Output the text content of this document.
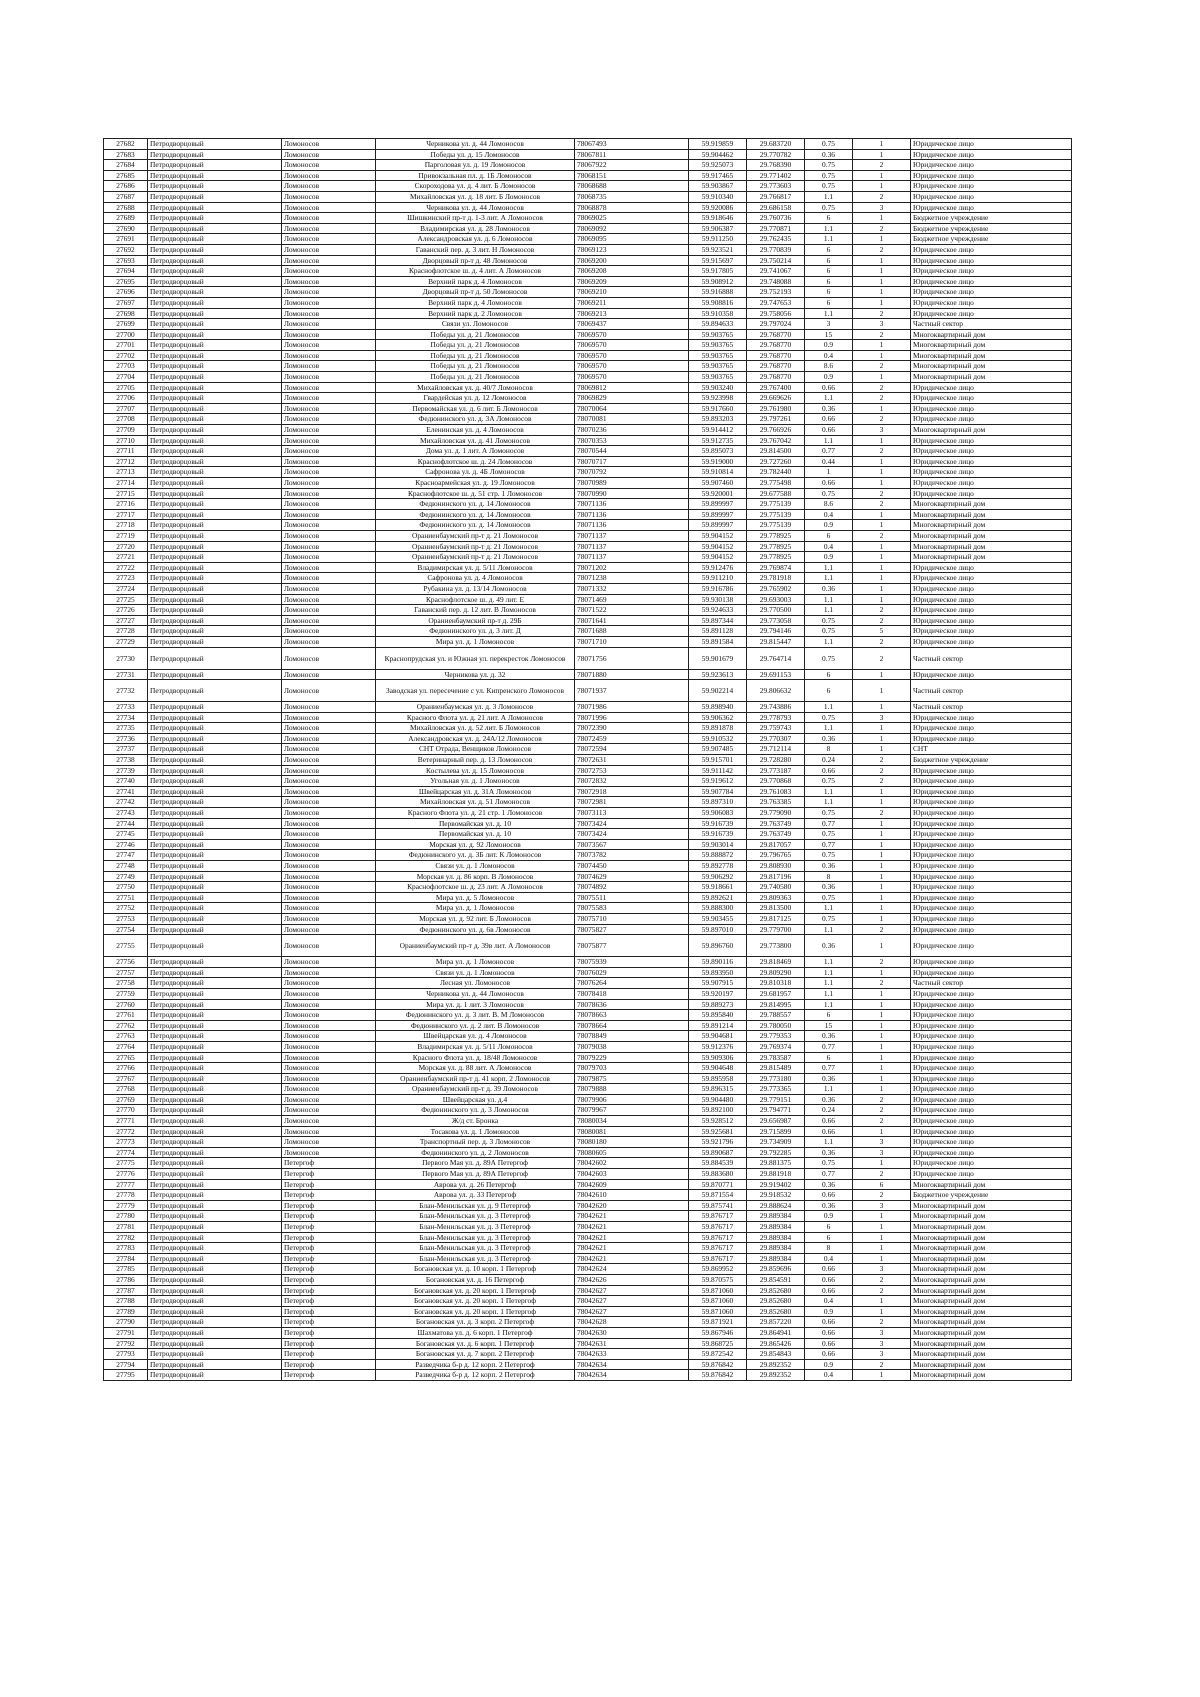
27682	Петродворцовый	Ломоносов	Черникова ул. д. 44 Ломоносов	78067493	59.919859	29.683720	0.75	1	Юридическое лицо
27683	Петродворцовый	Ломоносов	Победы ул. д. 15 Ломоносов	78067811	59.904462	29.770782	0.36	1	Юридическое лицо
27684	Петродворцовый	Ломоносов	Парголовая ул. д. 19 Ломоносов	78067922	59.925073	29.768390	0.75	2	Юридическое лицо
27685	Петродворцовый	Ломоносов	Привокзальная пл. д. 1Б Ломоносов	78068151	59.917465	29.771402	0.75	1	Юридическое лицо
27686	Петродворцовый	Ломоносов	Скороходова ул. д. 4 лит. Б Ломоносов	78068688	59.903867	29.773603	0.75	1	Юридическое лицо
27687	Петродворцовый	Ломоносов	Михайловская ул. д. 18 лит. Б Ломоносов	78068735	59.910340	29.766817	1.1	2	Юридическое лицо
27688	Петродворцовый	Ломоносов	Черникова ул. д. 44 Ломоносов	78068878	59.920086	29.686158	0.75	3	Юридическое лицо
27689	Петродворцовый	Ломоносов	Шишкинский пр-т д. 1-3 лит. А Ломоносов	78069025	59.918646	29.760736	6	1	Бюджетное учреждение
27690	Петродворцовый	Ломоносов	Владимирская ул. д. 28 Ломоносов	78069092	59.906387	29.770871	1.1	2	Бюджетное учреждение
27691	Петродворцовый	Ломоносов	Александровская ул. д. 6 Ломоносов	78069095	59.911250	29.762435	1.1	1	Бюджетное учреждение
27692	Петродворцовый	Ломоносов	Гаванский пер. д. 3 лит. Н Ломоносов	78069123	59.923521	29.770839	6	2	Юридическое лицо
27693	Петродворцовый	Ломоносов	Дворцовый пр-т д. 48 Ломоносов	78069200	59.915697	29.750214	6	1	Юридическое лицо
27694	Петродворцовый	Ломоносов	Краснофлотское ш. д. 4 лит. А Ломоносов	78069208	59.917805	29.741067	6	1	Юридическое лицо
27695	Петродворцовый	Ломоносов	Верхний парк д. 4 Ломоносов	78069209	59.908912	29.748088	6	1	Юридическое лицо
27696	Петродворцовый	Ломоносов	Дворцовый пр-т д. 50 Ломоносов	78069210	59.916888	29.752193	6	1	Юридическое лицо
27697	Петродворцовый	Ломоносов	Верхний парк д. 4 Ломоносов	78069211	59.908816	29.747653	6	1	Юридическое лицо
27698	Петродворцовый	Ломоносов	Верхний парк д. 2 Ломоносов	78069213	59.910358	29.758056	1.1	2	Юридическое лицо
27699	Петродворцовый	Ломоносов	Связи ул. Ломоносов	78069437	59.894633	29.797024	3	3	Частный сектор
27700	Петродворцовый	Ломоносов	Победы ул. д. 21 Ломоносов	78069570	59.903765	29.768770	15	2	Многоквартирный дом
27701	Петродворцовый	Ломоносов	Победы ул. д. 21 Ломоносов	78069570	59.903765	29.768770	0.9	1	Многоквартирный дом
27702	Петродворцовый	Ломоносов	Победы ул. д. 21 Ломоносов	78069570	59.903765	29.768770	0.4	1	Многоквартирный дом
27703	Петродворцовый	Ломоносов	Победы ул. д. 21 Ломоносов	78069570	59.903765	29.768770	8.6	2	Многоквартирный дом
27704	Петродворцовый	Ломоносов	Победы ул. д. 21 Ломоносов	78069570	59.903765	29.768770	0.9	1	Многоквартирный дом
27705	Петродворцовый	Ломоносов	Михайловская ул. д. 40/7 Ломоносов	78069812	59.903240	29.767400	0.66	2	Юридическое лицо
27706	Петродворцовый	Ломоносов	Гвардейская ул. д. 12 Ломоносов	78069829	59.923998	29.669626	1.1	2	Юридическое лицо
27707	Петродворцовый	Ломоносов	Первомайская ул. д. 6 лит. Б Ломоносов	78070064	59.917660	29.761980	0.36	1	Юридическое лицо
27708	Петродворцовый	Ломоносов	Федюнинского ул. д. 3А Ломоносов	78070081	59.893203	29.797261	0.66	2	Юридическое лицо
27709	Петродворцовый	Ломоносов	Еленинская ул. д. 4 Ломоносов	78070236	59.914412	29.766926	0.66	3	Многоквартирный дом
27710	Петродворцовый	Ломоносов	Михайловская ул. д. 41 Ломоносов	78070353	59.912735	29.767042	1.1	1	Юридическое лицо
27711	Петродворцовый	Ломоносов	Дома ул. д. 1 лит. А Ломоносов	78070544	59.895073	29.814500	0.77	2	Юридическое лицо
27712	Петродворцовый	Ломоносов	Краснофлотское ш. д. 24 Ломоносов	78070717	59.919000	29.727260	0.44	1	Юридическое лицо
27713	Петродворцовый	Ломоносов	Сафронова ул. д. 4Б Ломоносов	78070792	59.910814	29.782440	1	1	Юридическое лицо
27714	Петродворцовый	Ломоносов	Красноармейская ул. д. 19 Ломоносов	78070989	59.907460	29.775498	0.66	1	Юридическое лицо
27715	Петродворцовый	Ломоносов	Краснофлотское ш. д. 51 стр. 1 Ломоносов	78070990	59.920001	29.677588	0.75	2	Юридическое лицо
27716	Петродворцовый	Ломоносов	Федюнинского ул. д. 14 Ломоносов	78071136	59.899997	29.775139	8.6	2	Многоквартирный дом
27717	Петродворцовый	Ломоносов	Федюнинского ул. д. 14 Ломоносов	78071136	59.899997	29.775139	0.4	1	Многоквартирный дом
27718	Петродворцовый	Ломоносов	Федюнинского ул. д. 14 Ломоносов	78071136	59.899997	29.775139	0.9	1	Многоквартирный дом
27719	Петродворцовый	Ломоносов	Ораниенбаумский пр-т д. 21 Ломоносов	78071137	59.904152	29.778925	6	2	Многоквартирный дом
27720	Петродворцовый	Ломоносов	Ораниенбаумский пр-т д. 21 Ломоносов	78071137	59.904152	29.778925	0.4	1	Многоквартирный дом
27721	Петродворцовый	Ломоносов	Ораниенбаумский пр-т д. 21 Ломоносов	78071137	59.904152	29.778925	0.9	1	Многоквартирный дом
27722	Петродворцовый	Ломоносов	Владимирская ул. д. 5/11 Ломоносов	78071202	59.912476	29.769874	1.1	1	Юридическое лицо
27723	Петродворцовый	Ломоносов	Сафронова ул. д. 4 Ломоносов	78071238	59.911210	29.781918	1.1	1	Юридическое лицо
27724	Петродворцовый	Ломоносов	Рубакина ул. д. 13/14 Ломоносов	78071332	59.916786	29.765902	0.36	1	Юридическое лицо
27725	Петродворцовый	Ломоносов	Краснофлотское ш. д. 49 лит. Е	78071469	59.930138	29.693003	1.1	1	Юридическое лицо
27726	Петродворцовый	Ломоносов	Гаванский пер. д. 12 лит. В Ломоносов	78071522	59.924633	29.770500	1.1	2	Юридическое лицо
27727	Петродворцовый	Ломоносов	Ораниенбаумский пр-т д. 29Б	78071641	59.897344	29.773058	0.75	2	Юридическое лицо
27728	Петродворцовый	Ломоносов	Федюнинского ул. д. 3 лит. Д	78071688	59.891128	29.794146	0.75	5	Юридическое лицо
27729	Петродворцовый	Ломоносов	Мира ул. д. 1 Ломоносов	78071710	59.891584	29.815447	1.1	2	Юридическое лицо
27730	Петродворцовый	Ломоносов	Краснопрудская ул. и Южная ул. перекресток Ломоносов	78071756	59.901679	29.764714	0.75	2	Частный сектор
27731	Петродворцовый	Ломоносов	Черникова ул. д. 32	78071880	59.923613	29.691153	6	1	Юридическое лицо
27732	Петродворцовый	Ломоносов	Заводская ул. пересечение с ул. Кипренского Ломоносов	78071937	59.902214	29.806632	6	1	Частный сектор
27733	Петродворцовый	Ломоносов	Ораниенбаумская ул. д. 3 Ломоносов	78071986	59.898940	29.743886	1.1	1	Частный сектор
27734	Петродворцовый	Ломоносов	Красного Флота ул. д. 21 лит. А Ломоносов	78071996	59.906362	29.778793	0.75	3	Юридическое лицо
27735	Петродворцовый	Ломоносов	Михайловская ул. д. 52 лит. Б Ломоносов	78072390	59.891878	29.759743	1.1	1	Юридическое лицо
27736	Петродворцовый	Ломоносов	Александровская ул. д. 24А/12 Ломоносов	78072459	59.910532	29.770307	0.36	1	Юридическое лицо
27737	Петродворцовый	Ломоносов	СНТ Отрада, Венщиков Ломоносов	78072594	59.907485	29.712114	8	1	СНТ
27738	Петродворцовый	Ломоносов	Ветеринарный пер. д. 13 Ломоносов	78072631	59.915701	29.728280	0.24	2	Бюджетное учреждение
27739	Петродворцовый	Ломоносов	Костылева ул. д. 15 Ломоносов	78072753	59.911142	29.773187	0.66	2	Юридическое лицо
27740	Петродворцовый	Ломоносов	Угольная ул. д. 1 Ломоносов	78072832	59.919612	29.770868	0.75	2	Юридическое лицо
27741	Петродворцовый	Ломоносов	Швейцарская ул. д. 31А Ломоносов	78072918	59.907784	29.761083	1.1	1	Юридическое лицо
27742	Петродворцовый	Ломоносов	Михайловская ул. д. 51 Ломоносов	78072981	59.897310	29.763385	1.1	1	Юридическое лицо
27743	Петродворцовый	Ломоносов	Красного Флота ул. д. 21 стр. 1 Ломоносов	78073113	59.906083	29.779090	0.75	2	Юридическое лицо
27744	Петродворцовый	Ломоносов	Первомайская ул. д. 10	78073424	59.916739	29.763749	0.77	1	Юридическое лицо
27745	Петродворцовый	Ломоносов	Первомайская ул. д. 10	78073424	59.916739	29.763749	0.75	1	Юридическое лицо
27746	Петродворцовый	Ломоносов	Морская ул. д. 92 Ломоносов	78073567	59.903014	29.817057	0.77	1	Юридическое лицо
27747	Петродворцовый	Ломоносов	Федюнинского ул. д. 3Б лит. К Ломоносов	78073782	59.888872	29.796765	0.75	1	Юридическое лицо
27748	Петродворцовый	Ломоносов	Связи ул. д. 1 Ломоносов	78074450	59.892778	29.808930	0.36	1	Юридическое лицо
27749	Петродворцовый	Ломоносов	Морская ул. д. 86 корп. В Ломоносов	78074629	59.906292	29.817196	8	1	Юридическое лицо
27750	Петродворцовый	Ломоносов	Краснофлотское ш. д. 23 лит. А Ломоносов	78074892	59.918661	29.740580	0.36	1	Юридическое лицо
27751	Петродворцовый	Ломоносов	Мира ул. д. 5 Ломоносов	78075511	59.892621	29.809363	0.75	1	Юридическое лицо
27752	Петродворцовый	Ломоносов	Мира ул. д. 1 Ломоносов	78075583	59.888300	29.813500	1.1	1	Юридическое лицо
27753	Петродворцовый	Ломоносов	Морская ул. д. 92 лит. Б Ломоносов	78075710	59.903455	29.817125	0.75	1	Юридическое лицо
27754	Петродворцовый	Ломоносов	Федюнинского ул. д. 6в Ломоносов	78075827	59.897010	29.779700	1.1	2	Юридическое лицо
27755	Петродворцовый	Ломоносов	Ораниенбаумский пр-т д. 39в лит. А Ломоносов	78075877	59.896760	29.773800	0.36	1	Юридическое лицо
27756	Петродворцовый	Ломоносов	Мира ул. д. 1 Ломоносов	78075939	59.890116	29.818469	1.1	2	Юридическое лицо
27757	Петродворцовый	Ломоносов	Связи ул. д. 1 Ломоносов	78076029	59.893950	29.809290	1.1	1	Юридическое лицо
27758	Петродворцовый	Ломоносов	Лесная ул. Ломоносов	78076264	59.907915	29.810318	1.1	2	Частный сектор
27759	Петродворцовый	Ломоносов	Черникова ул. д. 44 Ломоносов	78078418	59.920197	29.681957	1.1	1	Юридическое лицо
27760	Петродворцовый	Ломоносов	Мира ул. д. 1 лит. 3 Ломоносов	78078636	59.889273	29.814995	1.1	1	Юридическое лицо
27761	Петродворцовый	Ломоносов	Федюнинского ул. д. 3 лит. В. М Ломоносов	78078663	59.895840	29.788557	6	1	Юридическое лицо
27762	Петродворцовый	Ломоносов	Федюнинского ул. д. 2 лит. В Ломоносов	78078664	59.891214	29.780050	15	1	Юридическое лицо
27763	Петродворцовый	Ломоносов	Швейцарская ул. д. 4 Ломоносов	78078849	59.904681	29.779353	0.36	1	Юридическое лицо
27764	Петродворцовый	Ломоносов	Владимирская ул. д. 5/11 Ломоносов	78079038	59.912376	29.769374	0.77	1	Юридическое лицо
27765	Петродворцовый	Ломоносов	Красного Флота ул. д. 18/48 Ломоносов	78079229	59.909306	29.783587	6	1	Юридическое лицо
27766	Петродворцовый	Ломоносов	Морская ул. д. 88 лит. А Ломоносов	78079703	59.904648	29.815489	0.77	1	Юридическое лицо
27767	Петродворцовый	Ломоносов	Ораниенбаумский пр-т д. 41 корп. 2 Ломоносов	78079875	59.895958	29.773180	0.36	1	Юридическое лицо
27768	Петродворцовый	Ломоносов	Ораниенбаумский пр-т д. 39 Ломоносов	78079888	59.896315	29.773365	1.1	1	Юридическое лицо
27769	Петродворцовый	Ломоносов	Швейцарская ул. д.4	78079906	59.904480	29.779151	0.36	2	Юридическое лицо
27770	Петродворцовый	Ломоносов	Федюнинского ул. д. 3 Ломоносов	78079967	59.892100	29.794771	0.24	2	Юридическое лицо
27771	Петродворцовый	Ломоносов	Ж/д ст. Бронка	78080034	59.928512	29.656987	0.66	2	Юридическое лицо
27772	Петродворцовый	Ломоносов	Тосакова ул. д. 1 Ломоносов	78080081	59.925681	29.715899	0.66	1	Юридическое лицо
27773	Петродворцовый	Ломоносов	Транспортный пер. д. 3 Ломоносов	78080180	59.921796	29.734909	1.1	3	Юридическое лицо
27774	Петродворцовый	Ломоносов	Федюнинского ул. д. 2 Ломоносов	78080605	59.890687	29.792285	0.36	3	Юридическое лицо
27775	Петродворцовый	Петергоф	Первого Мая ул. д. 89А Петергоф	78042602	59.884539	29.881375	0.75	1	Юридическое лицо
27776	Петродворцовый	Петергоф	Первого Мая ул. д. 89А Петергоф	78042603	59.883680	29.881918	0.77	2	Юридическое лицо
27777	Петродворцовый	Петергоф	Аврова ул. д. 26 Петергоф	78042609	59.870771	29.919402	0.36	6	Многоквартирный дом
27778	Петродворцовый	Петергоф	Аврова ул. д. 33 Петергоф	78042610	59.871554	29.918532	0.66	2	Бюджетное учреждение
27779	Петродворцовый	Петергоф	Блан-Менильская ул. д. 9 Петергоф	78042620	59.875741	29.888624	0.36	3	Многоквартирный дом
27780	Петродворцовый	Петергоф	Блан-Менильская ул. д. 3 Петергоф	78042621	59.876717	29.889384	0.9	1	Многоквартирный дом
27781	Петродворцовый	Петергоф	Блан-Менильская ул. д. 3 Петергоф	78042621	59.876717	29.889384	6	1	Многоквартирный дом
27782	Петродворцовый	Петергоф	Блан-Менильская ул. д. 3 Петергоф	78042621	59.876717	29.889384	6	1	Многоквартирный дом
27783	Петродворцовый	Петергоф	Блан-Менильская ул. д. 3 Петергоф	78042621	59.876717	29.889384	8	1	Многоквартирный дом
27784	Петродворцовый	Петергоф	Блан-Менильская ул. д. 3 Петергоф	78042621	59.876717	29.889384	0.4	1	Многоквартирный дом
27785	Петродворцовый	Петергоф	Богановская ул. д. 10 корп. 1 Петергоф	78042624	59.869952	29.859696	0.66	3	Многоквартирный дом
27786	Петродворцовый	Петергоф	Богановская ул. д. 16 Петергоф	78042626	59.870575	29.854591	0.66	2	Многоквартирный дом
27787	Петродворцовый	Петергоф	Богановская ул. д. 20 корп. 1 Петергоф	78042627	59.871060	29.852680	0.66	2	Многоквартирный дом
27788	Петродворцовый	Петергоф	Богановская ул. д. 20 корп. 1 Петергоф	78042627	59.871060	29.852680	0.4	1	Многоквартирный дом
27789	Петродворцовый	Петергоф	Богановская ул. д. 20 корп. 1 Петергоф	78042627	59.871060	29.852680	0.9	1	Многоквартирный дом
27790	Петродворцовый	Петергоф	Богановская ул. д. 3 корп. 2 Петергоф	78042628	59.871921	29.857220	0.66	2	Многоквартирный дом
27791	Петродворцовый	Петергоф	Шахматова ул. д. 6 корп. 1 Петергоф	78042630	59.867946	29.864941	0.66	3	Многоквартирный дом
27792	Петродворцовый	Петергоф	Богановская ул. д. 6 корп. 1 Петергоф	78042631	59.868725	29.865426	0.66	3	Многоквартирный дом
27793	Петродворцовый	Петергоф	Богановская ул. д. 7 корп. 2 Петергоф	78042633	59.872542	29.854843	0.66	3	Многоквартирный дом
27794	Петродворцовый	Петергоф	Разведчика б-р д. 12 корп. 2 Петергоф	78042634	59.876842	29.892352	0.9	2	Многоквартирный дом
27795	Петродворцовый	Петергоф	Разведчика б-р д. 12 корп. 2 Петергоф	78042634	59.876842	29.892352	0.4	1	Многоквартирный дом
